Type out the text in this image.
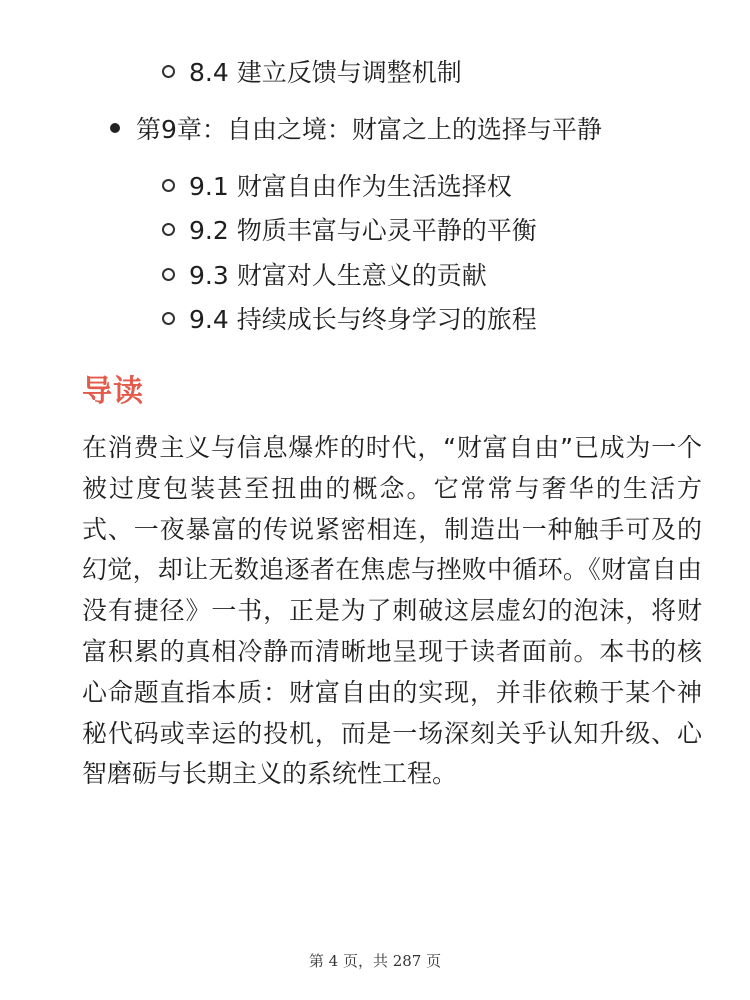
8.4 建立反馈与调整机制
第9章：自由之境：财富之上的选择与平静
9.1 财富自由作为生活选择权
9.2 物质丰富与心灵平静的平衡
9.3 财富对人生意义的贡献
9.4 持续成长与终身学习的旅程
导读
在消费主义与信息爆炸的时代，“财富自由”已成为一个被过度包装甚至扭曲的概念。它常常与奢华的生活方式、一夜暴富的传说紧密相连，制造出一种触手可及的幻觉，却让无数追逐者在焦虑与挫败中循环。《财富自由没有捷径》一书，正是为了刺破这层虚幻的泡沫，将财富积累的真相冷静而清晰地呈现于读者面前。本书的核心命题直指本质：财富自由的实现，并非依赖于某个神秘代码或幸运的投机，而是一场深刻关乎认知升级、心智磨砺与长期主义的系统性工程。
第 4 页，共 287 页
